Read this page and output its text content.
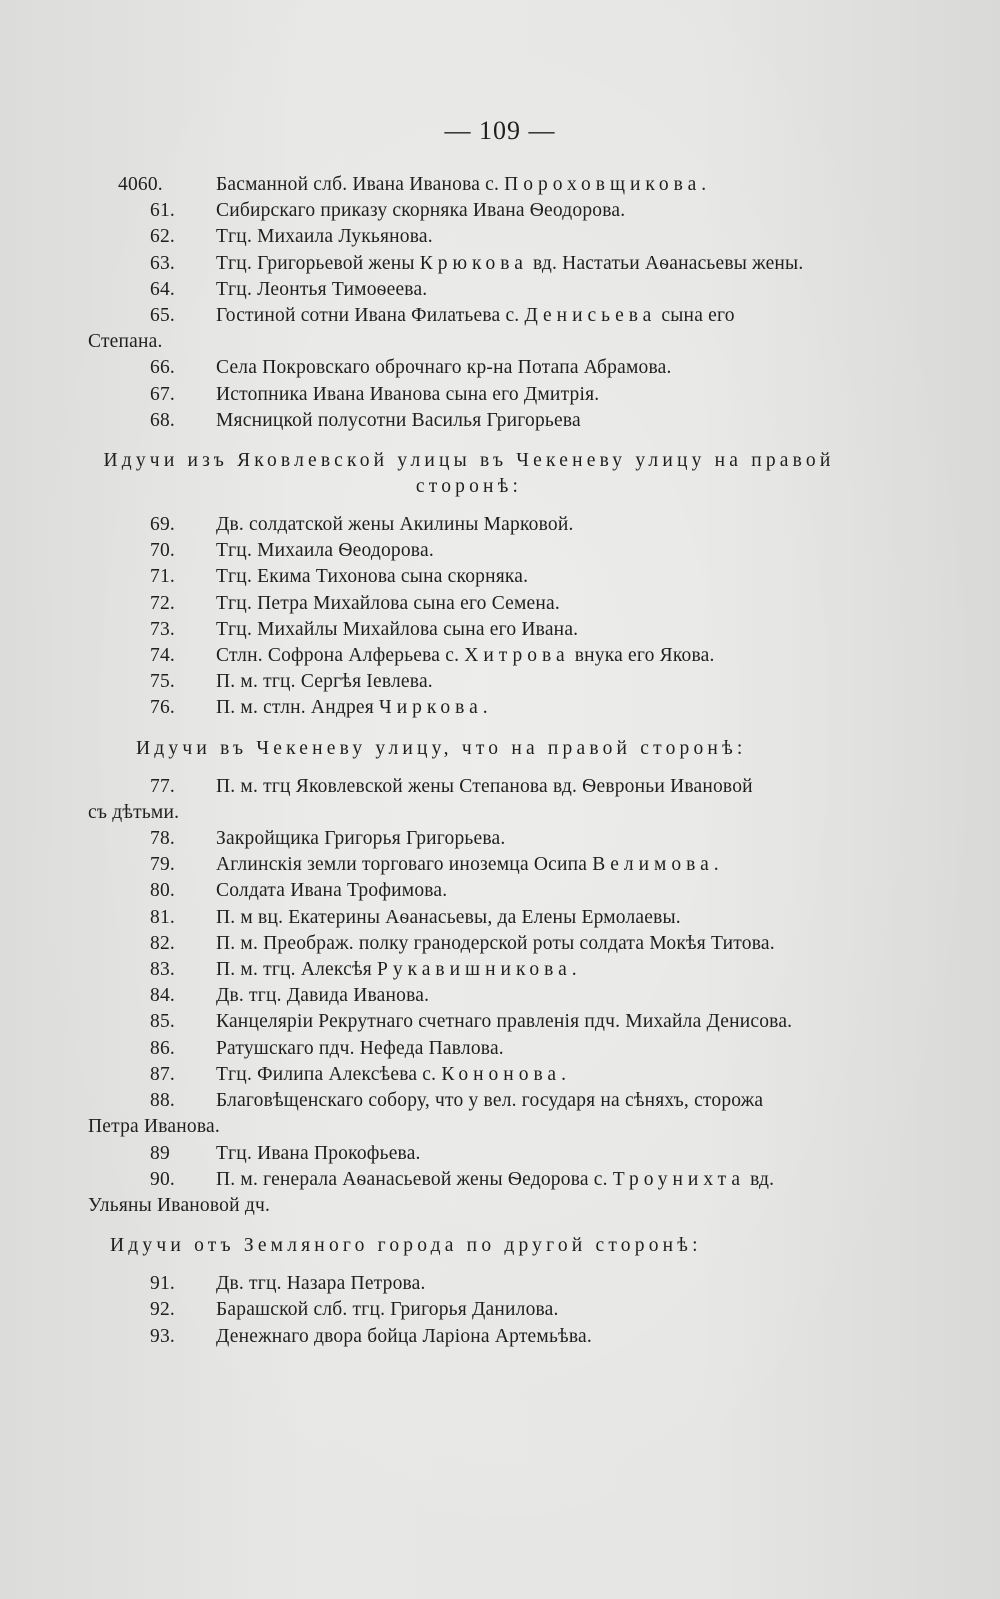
— 109 —

4060.	Басманной слб. Ивана Иванова с. Пороховщикова.

61. Сибирскаго приказу скорняка Ивана Ѳеодорова.

62. Тгц. Михаила Лукьянова.

63. Тгц. Григорьевой жены Крюкова вд. Настатьи Аѳанасьевы жены.

64. Тгц. Леонтья Тимоѳеева.

65. Гостиной сотни Ивана Филатьева с. Денисьева сына его
Степана.

66. Села Покровскаго оброчнаго кр-на Потапа Абрамова.

67. Истопника Ивана Иванова сына его Дмитрія.

68. Мясницкой полусотни Василья Григорьева

Идучи изъ Яковлевской улицы въ Чекеневу улицу на правой сторонѣ:

69. Дв. солдатской жены Акилины Марковой.

70. Тгц. Михаила Ѳеодорова.

71. Тгц. Екима Тихонова сына скорняка.

72. Тгц. Петра Михайлова сына его Семена.

73. Тгц. Михайлы Михайлова сына его Ивана.

74. Стлн. Софрона Алферьева с. Хитрова внука его Якова.

75. П. м. тгц. Сергѣя Іевлева.

76. П. м. стлн. Андрея Чиркова.

Идучи въ Чекеневу улицу, что на правой сторонѣ:

77. П. м. тгц Яковлевской жены Степанова вд. Ѳевроньи Ивановой
съ дѣтьми.

78. Закройщика Григорья Григорьева.

79. Аглинскія земли торговаго иноземца Осипа Велимова.

80. Солдата Ивана Трофимова.

81. П. м вц. Екатерины Аѳанасьевы, да Елены Ермолаевы.

82. П. м. Преображ. полку гранодерской роты солдата Мокѣя Титова.

83. П. м. тгц. Алексѣя Рукавишникова.

84. Дв. тгц. Давида Иванова.

85. Канцеляріи Рекрутнаго счетнаго правленія пдч. Михайла Денисова.

86. Ратушскаго пдч. Нефеда Павлова.

87. Тгц. Филипа Алексѣева с. Кононова.

88. Благовѣщенскаго собору, что у вел. государя на сѣняхъ, сторожа
Петра Иванова.

89 Тгц. Ивана Прокофьева.

90. П. м. генерала Аѳанасьевой жены Ѳедорова с. Троунихта вд.
Ульяны Ивановой дч.

Идучи отъ Земляного города по другой сторонѣ:

91. Дв. тгц. Назара Петрова.

92. Барашской слб. тгц. Григорья Данилова.

93. Денежнаго двора бойца Ларіона Артемьѣва.
